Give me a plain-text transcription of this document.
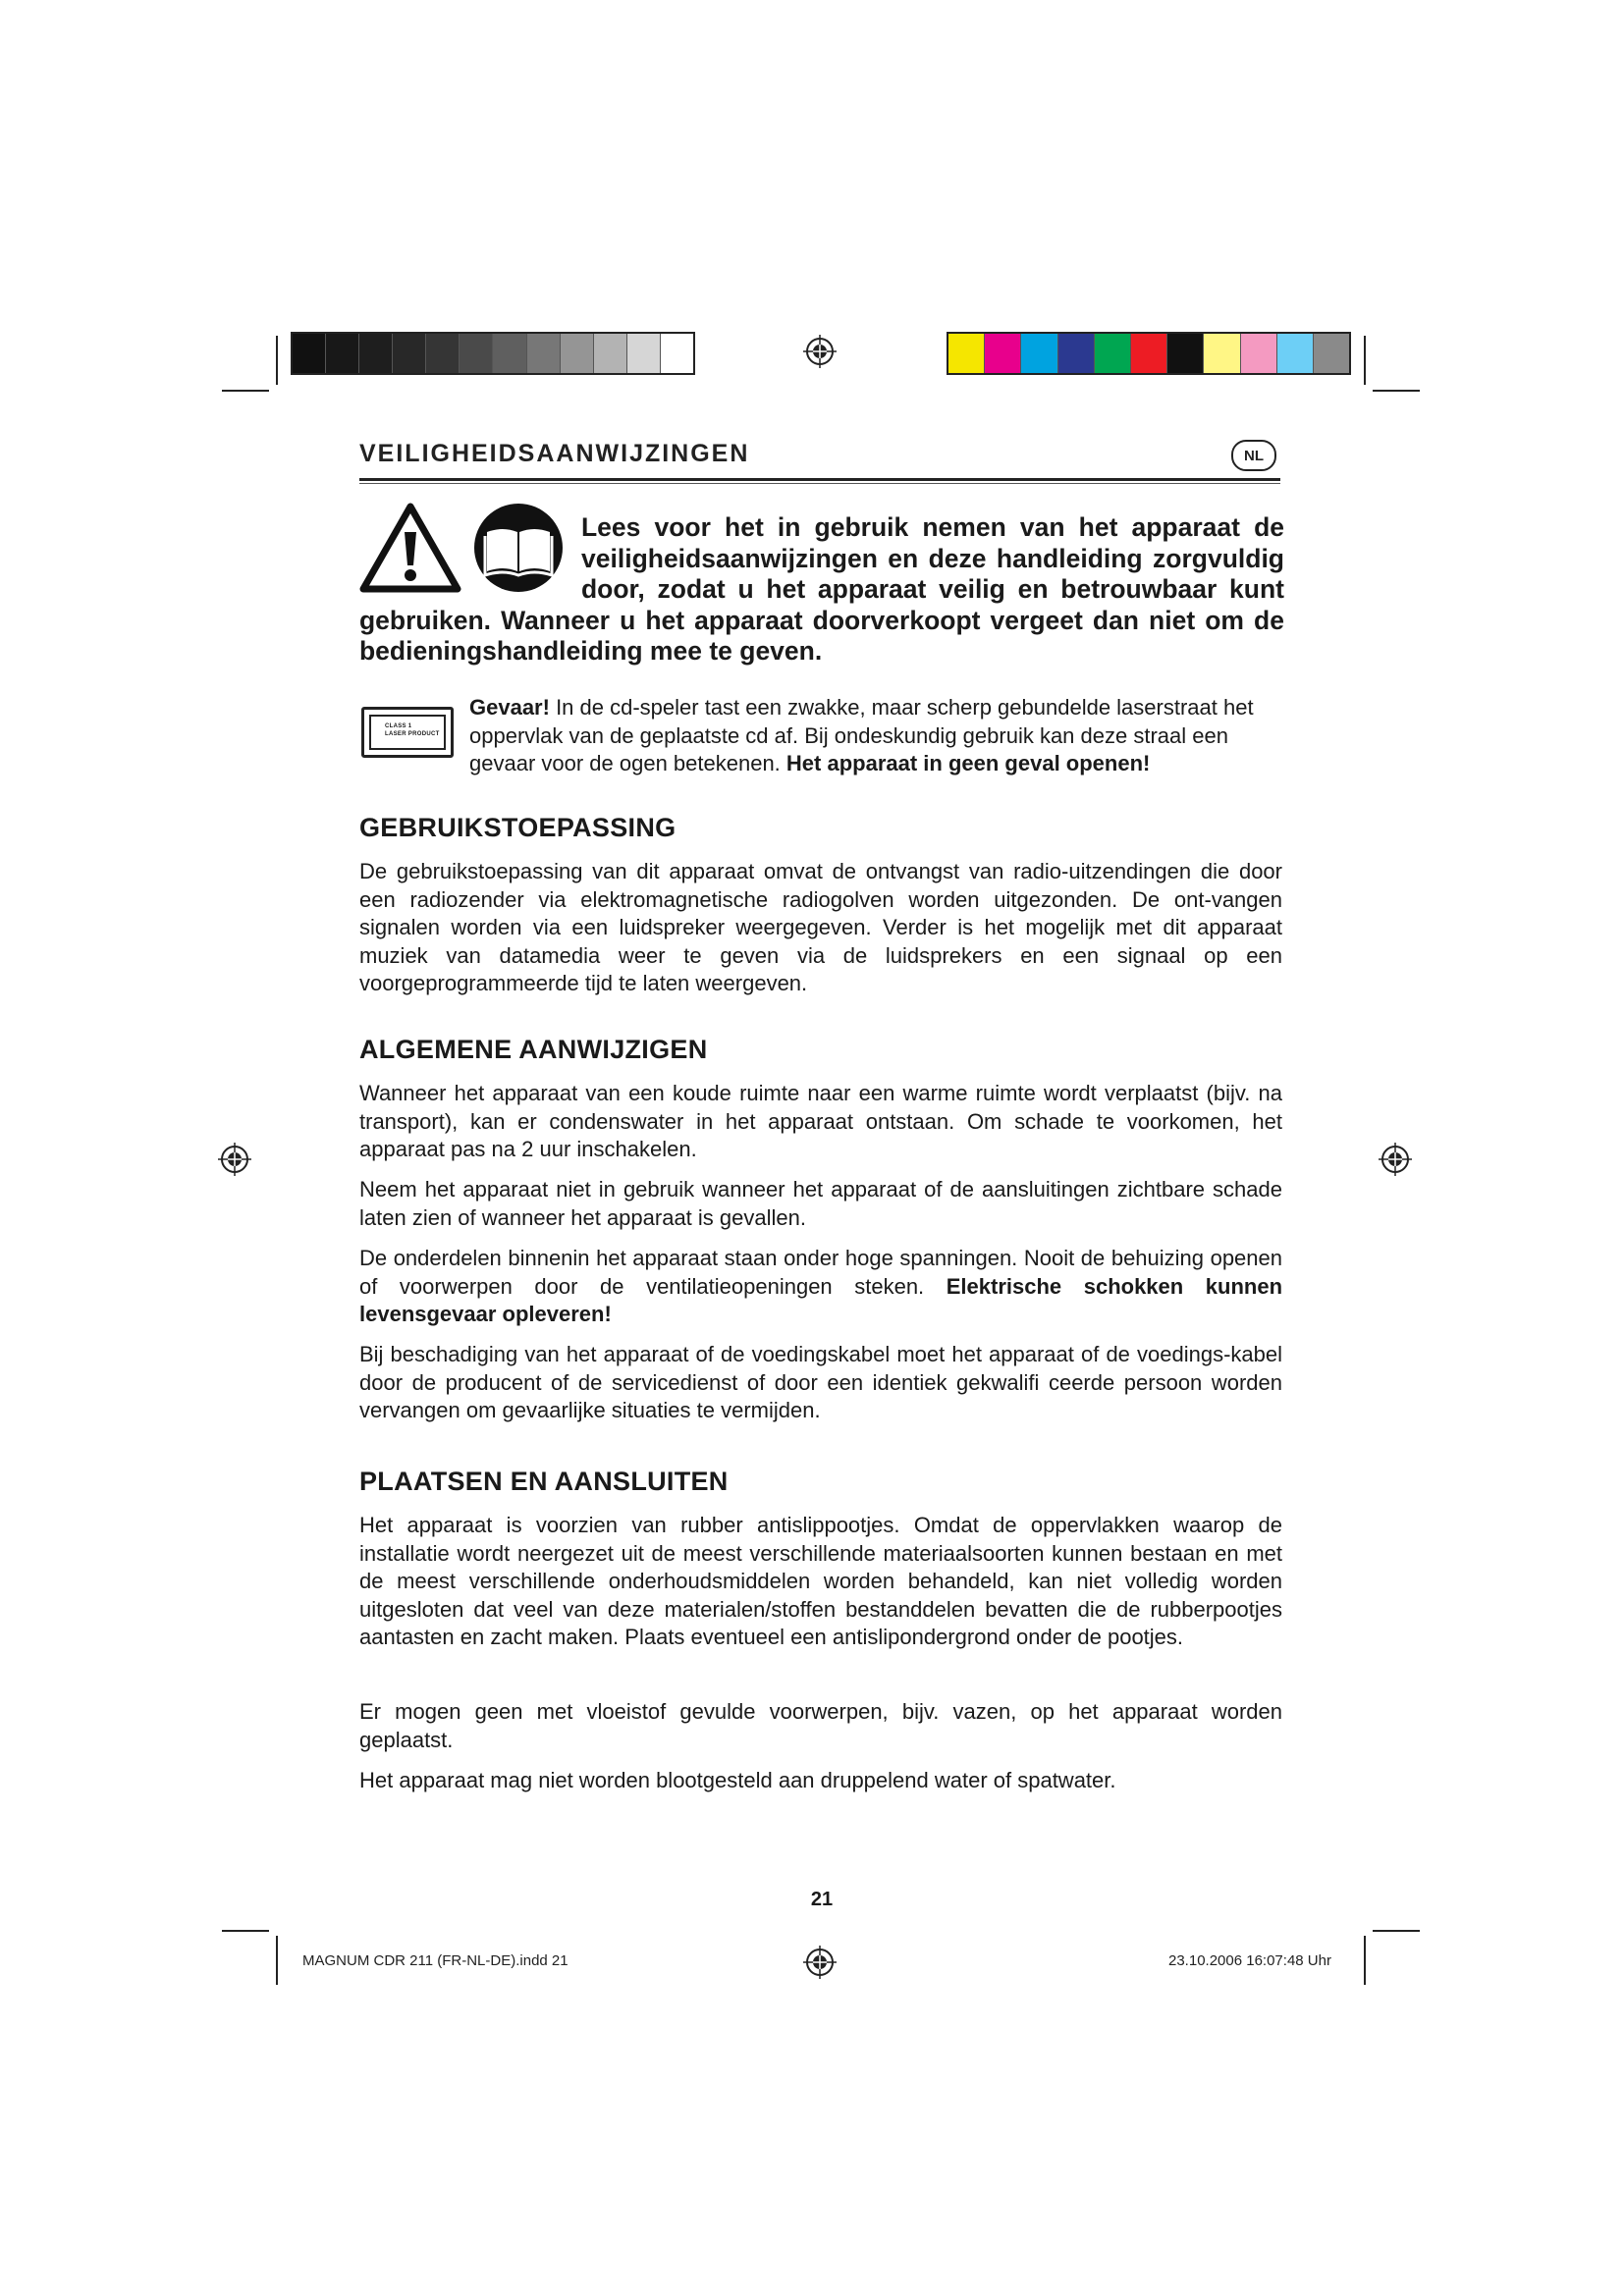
VEILIGHEIDSAANWIJZINGEN	NL
Lees voor het in gebruik nemen van het apparaat de veiligheidsaanwijzingen en deze handleiding zorgvuldig door, zodat u het apparaat veilig en betrouwbaar kunt gebruiken. Wanneer u het apparaat doorverkoopt vergeet dan niet om de bedieningshandleiding mee te geven.
CLASS 1
LASER PRODUCT
Gevaar! In de cd-speler tast een zwakke, maar scherp gebundelde laserstraat het oppervlak van de geplaatste cd af. Bij ondeskundig gebruik kan deze straal een gevaar voor de ogen betekenen. Het apparaat in geen geval openen!
GEBRUIKSTOEPASSING
De gebruikstoepassing van dit apparaat omvat de ontvangst van radio-uitzendingen die door een radiozender via elektromagnetische radiogolven worden uitgezonden. De ont-vangen signalen worden via een luidspreker weergegeven. Verder is het mogelijk met dit apparaat muziek van datamedia weer te geven via de luidsprekers en een signaal op een voorgeprogrammeerde tijd te laten weergeven.
ALGEMENE AANWIJZIGEN
Wanneer het apparaat van een koude ruimte naar een warme ruimte wordt verplaatst (bijv. na transport), kan er condenswater in het apparaat ontstaan. Om schade te voorkomen, het apparaat pas na 2 uur inschakelen.
Neem het apparaat niet in gebruik wanneer het apparaat of de aansluitingen zichtbare schade laten zien of wanneer het apparaat is gevallen.
De onderdelen binnenin het apparaat staan onder hoge spanningen. Nooit de behuizing openen of voorwerpen door de ventilatieopeningen steken. Elektrische schokken kunnen levensgevaar opleveren!
Bij beschadiging van het apparaat of de voedingskabel moet het apparaat of de voedings-kabel door de producent of de servicedienst of door een identiek gekwalifi ceerde persoon worden vervangen om gevaarlijke situaties te vermijden.
PLAATSEN EN AANSLUITEN
Het apparaat is voorzien van rubber antislippootjes. Omdat de oppervlakken waarop de installatie wordt neergezet uit de meest verschillende materiaalsoorten kunnen bestaan en met de meest verschillende onderhoudsmiddelen worden behandeld, kan niet volledig worden uitgesloten dat veel van deze materialen/stoffen bestanddelen bevatten die de rubberpootjes aantasten en zacht maken. Plaats eventueel een antislipondergrond onder de pootjes.
Er mogen geen met vloeistof gevulde voorwerpen, bijv. vazen, op het apparaat worden geplaatst.
Het apparaat mag niet worden blootgesteld aan druppelend water of spatwater.
21
MAGNUM CDR 211 (FR-NL-DE).indd 21	23.10.2006 16:07:48 Uhr
